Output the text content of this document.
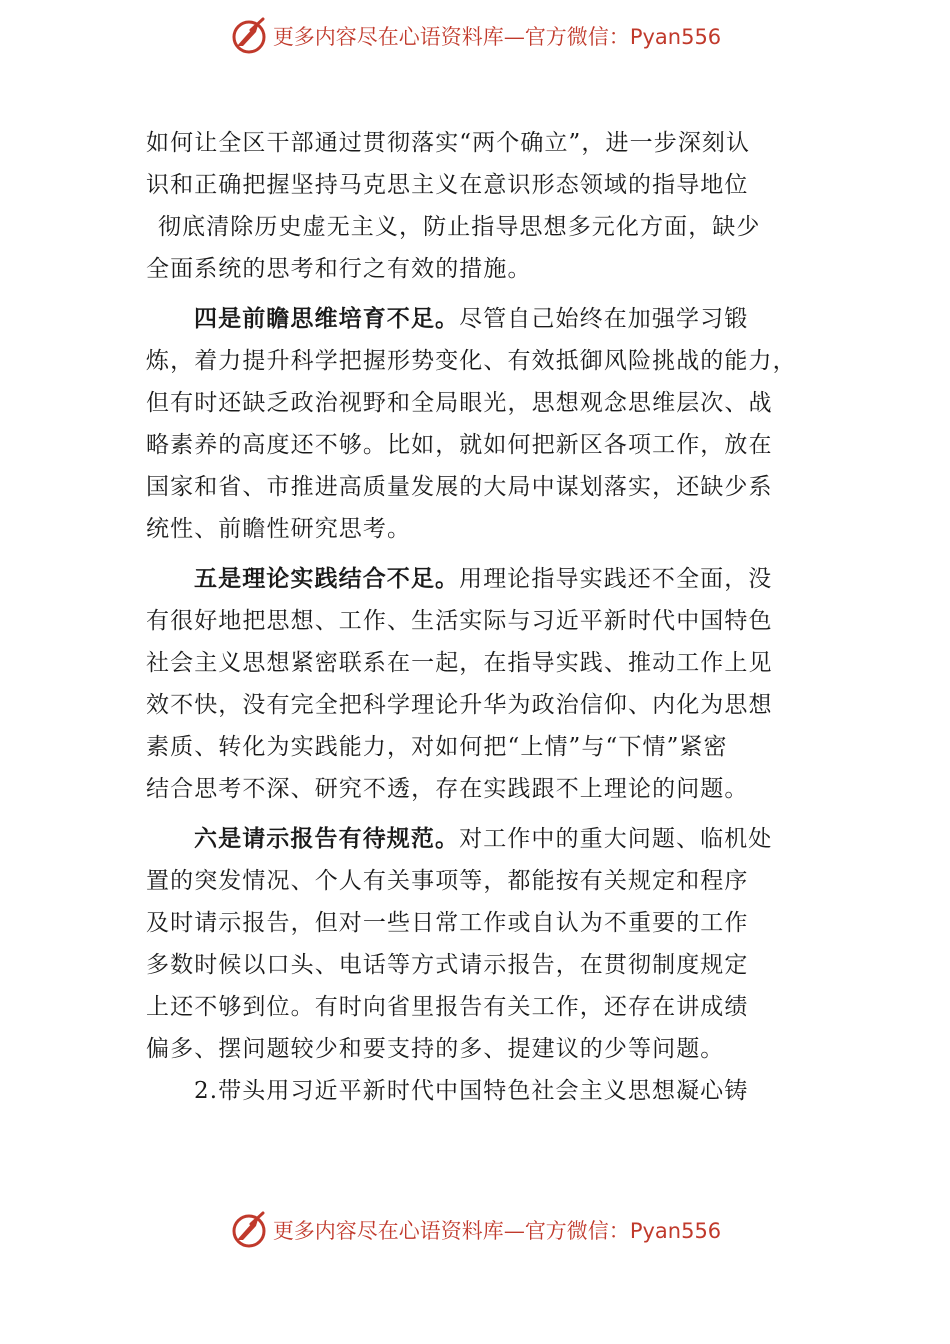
更多内容尽在心语资料库—官方微信：Pyan556

如何让全区干部通过贯彻落实“两个确立”，进一步深刻认
识和正确把握坚持马克思主义在意识形态领域的指导地位
彻底清除历史虚无主义，防止指导思想多元化方面，缺少
全面系统的思考和行之有效的措施。

四是前瞻思维培育不足。尽管自己始终在加强学习锻
炼，着力提升科学把握形势变化、有效抵御风险挑战的能力，
但有时还缺乏政治视野和全局眼光，思想观念思维层次、战
略素养的高度还不够。比如，就如何把新区各项工作，放在
国家和省、市推进高质量发展的大局中谋划落实，还缺少系
统性、前瞻性研究思考。

五是理论实践结合不足。用理论指导实践还不全面，没
有很好地把思想、工作、生活实际与习近平新时代中国特色
社会主义思想紧密联系在一起，在指导实践、推动工作上见
效不快，没有完全把科学理论升华为政治信仰、内化为思想
素质、转化为实践能力，对如何把“上情”与“下情”紧密
结合思考不深、研究不透，存在实践跟不上理论的问题。

六是请示报告有待规范。对工作中的重大问题、临机处
置的突发情况、个人有关事项等，都能按有关规定和程序
及时请示报告，但对一些日常工作或自认为不重要的工作
多数时候以口头、电话等方式请示报告，在贯彻制度规定
上还不够到位。有时向省里报告有关工作，还存在讲成绩
偏多、摆问题较少和要支持的多、提建议的少等问题。

2.带头用习近平新时代中国特色社会主义思想凝心铸

更多内容尽在心语资料库—官方微信：Pyan556
